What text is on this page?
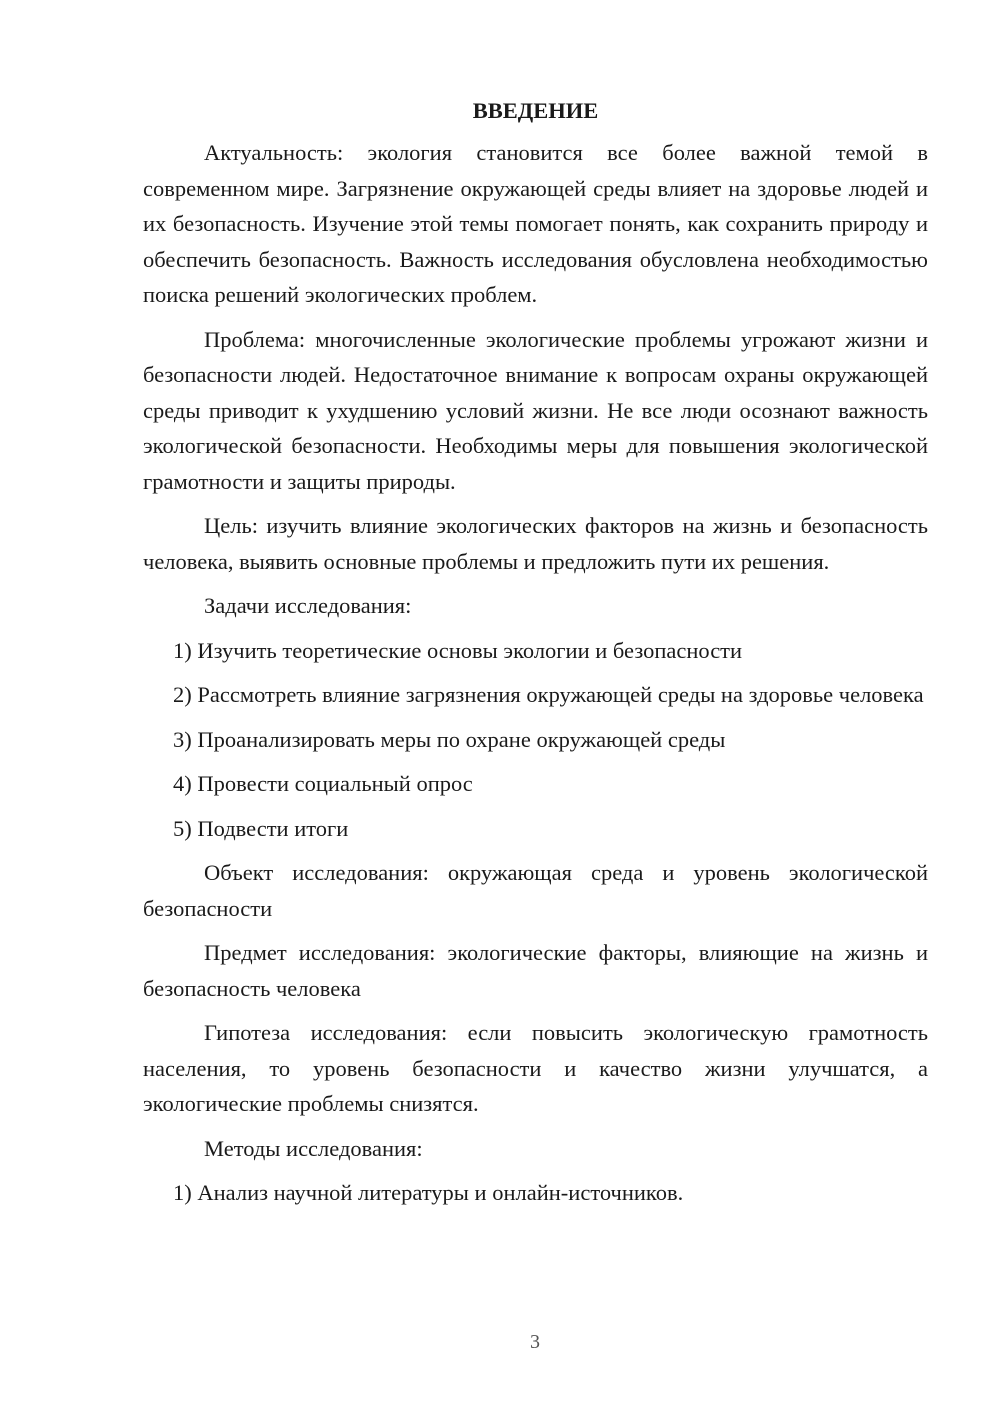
ВВЕДЕНИЕ

Актуальность: экология становится все более важной темой в современном мире. Загрязнение окружающей среды влияет на здоровье людей и их безопасность. Изучение этой темы помогает понять, как сохранить природу и обеспечить безопасность. Важность исследования обусловлена необходимостью поиска решений экологических проблем.

Проблема: многочисленные экологические проблемы угрожают жизни и безопасности людей. Недостаточное внимание к вопросам охраны окружающей среды приводит к ухудшению условий жизни. Не все люди осознают важность экологической безопасности. Необходимы меры для повышения экологической грамотности и защиты природы.

Цель: изучить влияние экологических факторов на жизнь и безопасность человека, выявить основные проблемы и предложить пути их решения.

Задачи исследования:

1) Изучить теоретические основы экологии и безопасности

2) Рассмотреть влияние загрязнения окружающей среды на здоровье человека

3) Проанализировать меры по охране окружающей среды

4) Провести социальный опрос

5) Подвести итоги

Объект исследования: окружающая среда и уровень экологической безопасности

Предмет исследования: экологические факторы, влияющие на жизнь и безопасность человека

Гипотеза исследования: если повысить экологическую грамотность населения, то уровень безопасности и качество жизни улучшатся, а экологические проблемы снизятся.

Методы исследования:

1) Анализ научной литературы и онлайн-источников.

3
